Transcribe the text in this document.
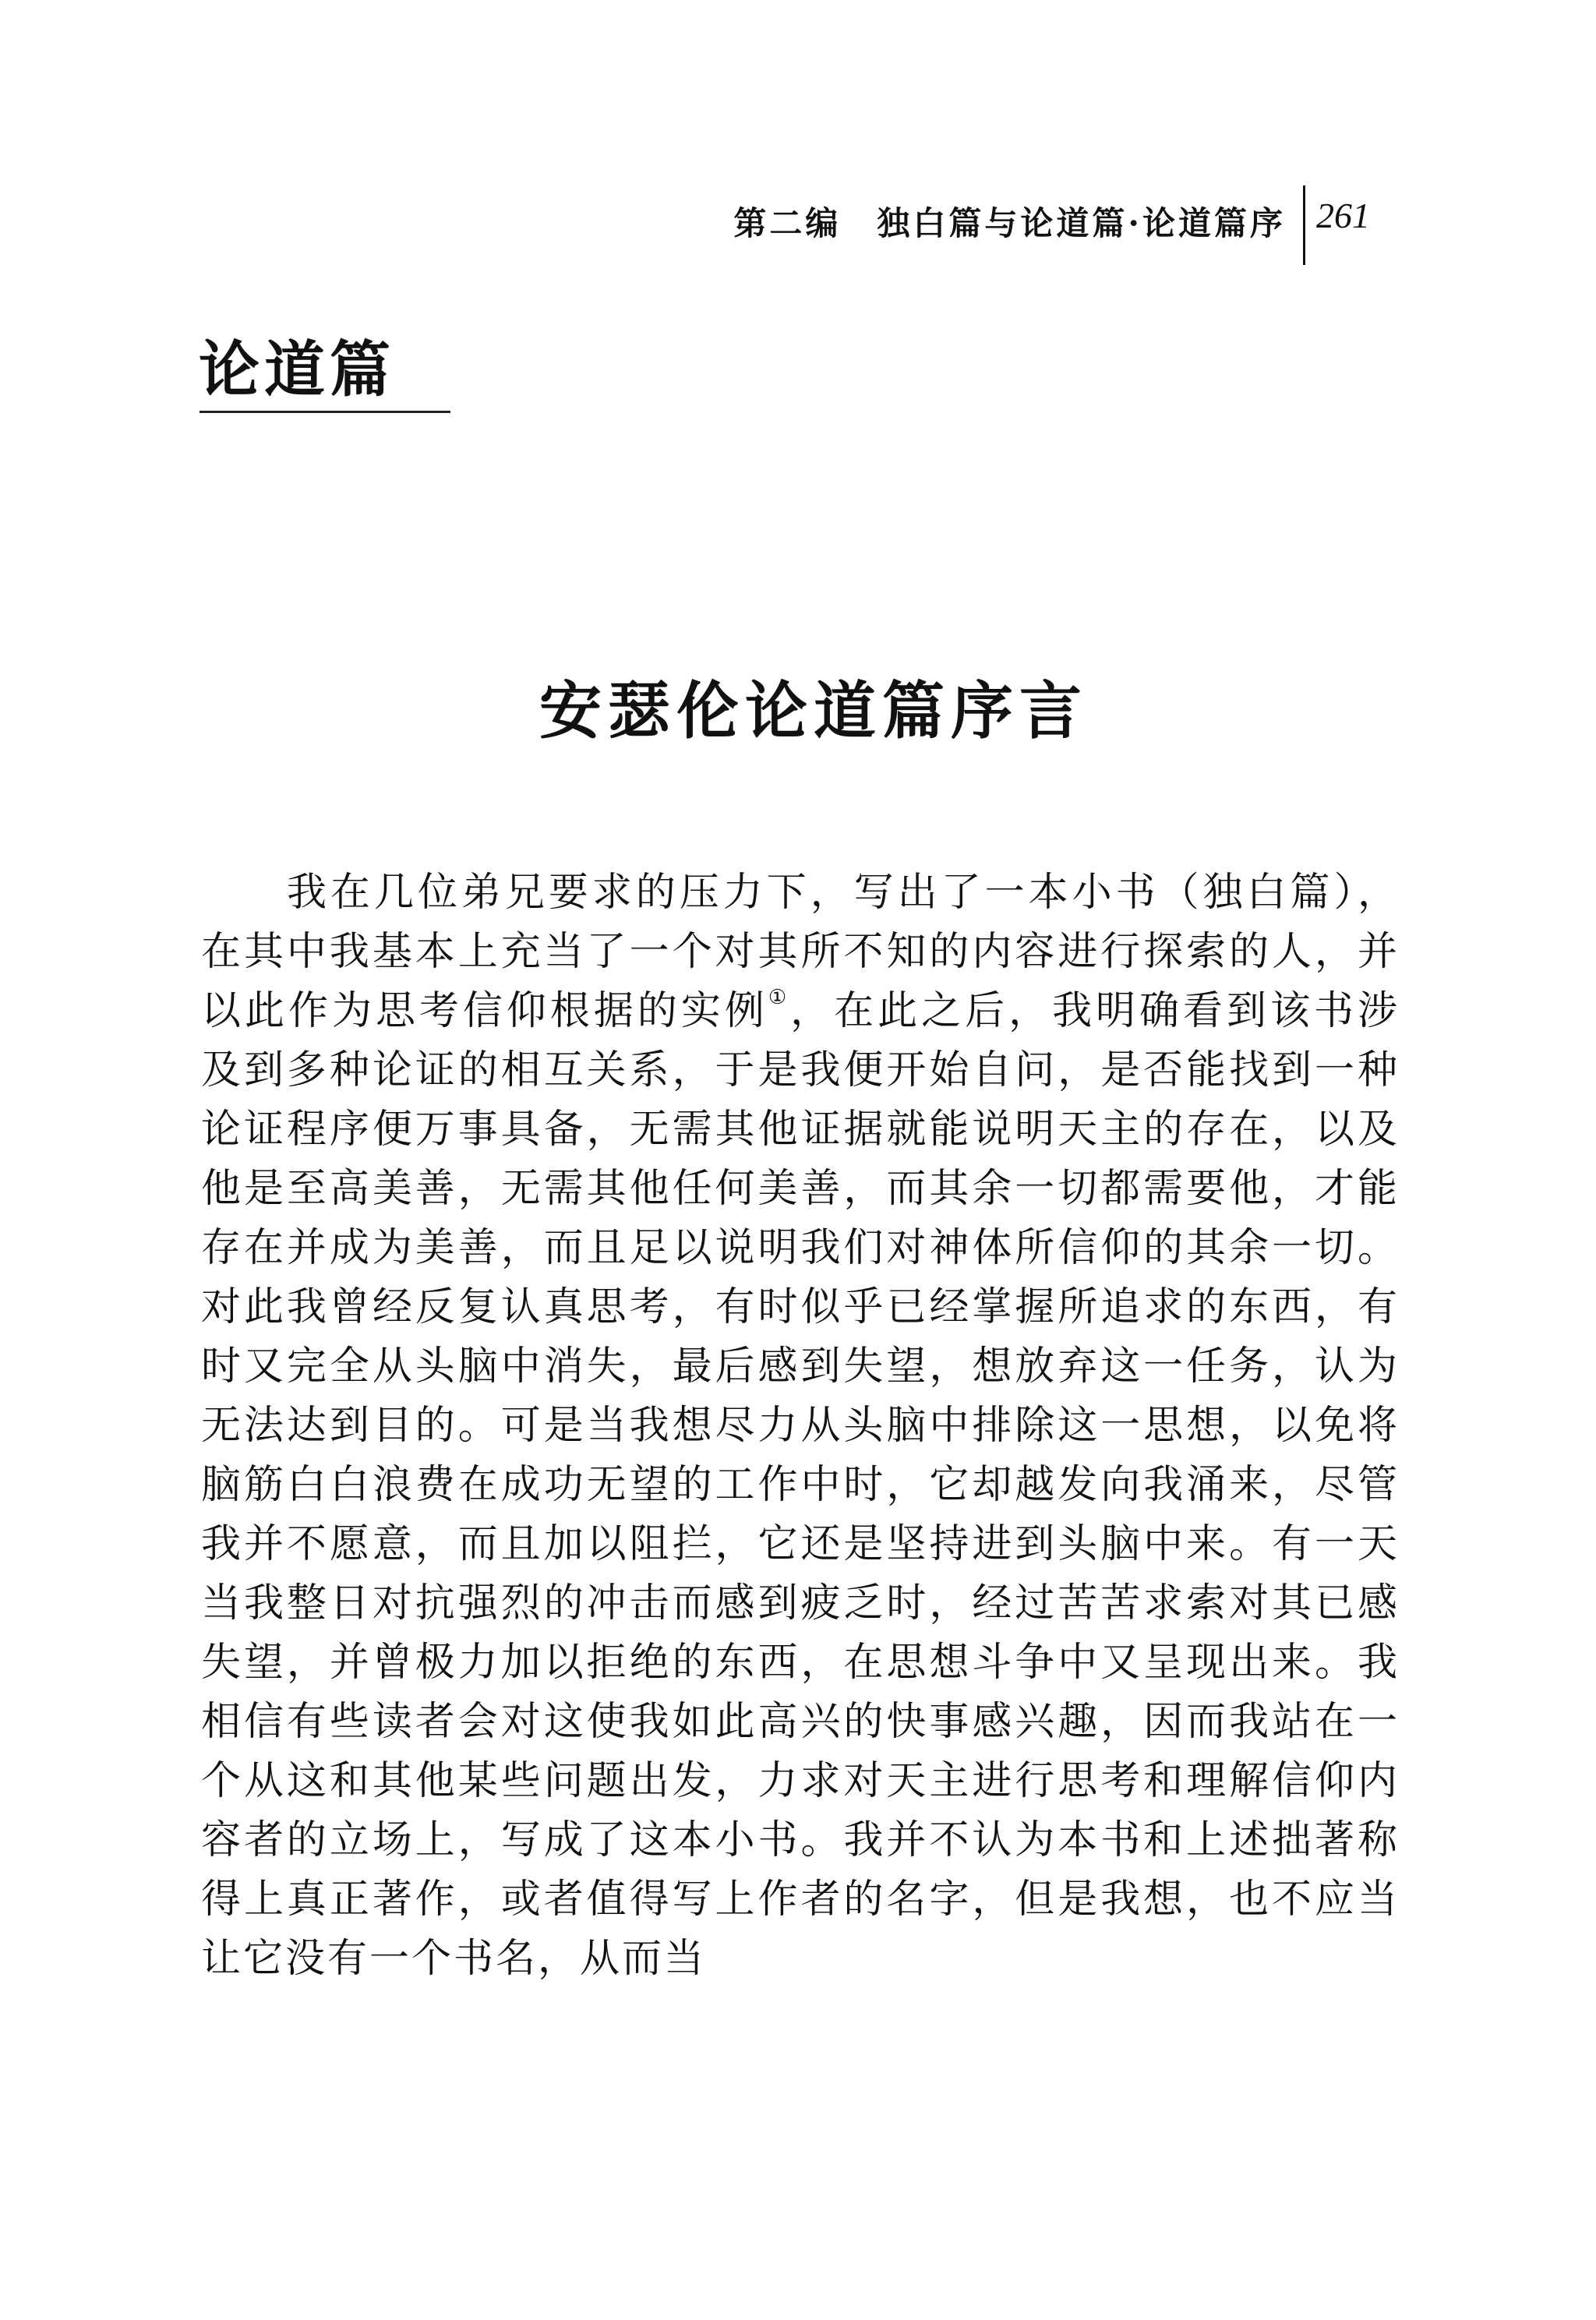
第二编　独白篇与论道篇·论道篇序 261
论道篇
安瑟伦论道篇序言
我在几位弟兄要求的压力下，写出了一本小书（独白篇），在其中我基本上充当了一个对其所不知的内容进行探索的人，并以此作为思考信仰根据的实例①，在此之后，我明确看到该书涉及到多种论证的相互关系，于是我便开始自问，是否能找到一种论证程序便万事具备，无需其他证据就能说明天主的存在，以及他是至高美善，无需其他任何美善，而其余一切都需要他，才能存在并成为美善，而且足以说明我们对神体所信仰的其余一切。对此我曾经反复认真思考，有时似乎已经掌握所追求的东西，有时又完全从头脑中消失，最后感到失望，想放弃这一任务，认为无法达到目的。可是当我想尽力从头脑中排除这一思想，以免将脑筋白白浪费在成功无望的工作中时，它却越发向我涌来，尽管我并不愿意，而且加以阻拦，它还是坚持进到头脑中来。有一天当我整日对抗强烈的冲击而感到疲乏时，经过苦苦求索对其已感失望，并曾极力加以拒绝的东西，在思想斗争中又呈现出来。我相信有些读者会对这使我如此高兴的快事感兴趣，因而我站在一个从这和其他某些问题出发，力求对天主进行思考和理解信仰内容者的立场上，写成了这本小书。我并不认为本书和上述拙著称得上真正著作，或者值得写上作者的名字，但是我想，也不应当让它没有一个书名，从而当
